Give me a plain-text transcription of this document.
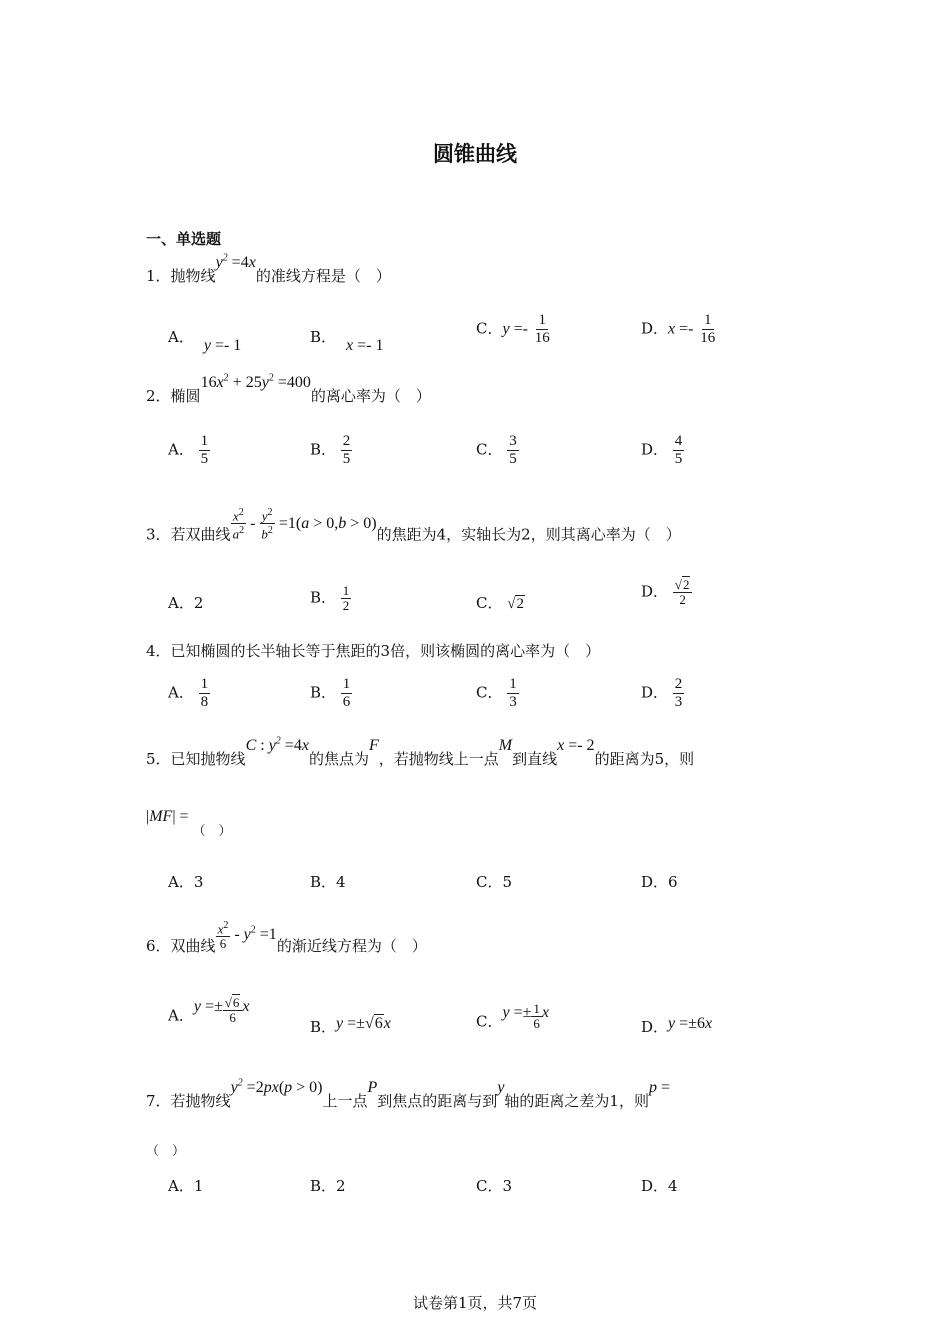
圆锥曲线
一、单选题
1．抛物线$y^2 =4x$的准线方程是（　）
A． y =- 1	B． x =- 1
C．$y =- \frac{1}{16}$	D．$x =- \frac{1}{16}$
2．椭圆$16x^2 + 25y^2 =400$的离心率为（　）
A． $\frac{1}{5}$	B． $\frac{2}{5}$	C． $\frac{3}{5}$	D． $\frac{4}{5}$
3．若双曲线 $\frac{x^2}{a^2} - \frac{y^2}{b^2} =1(a > 0,b > 0)$的焦距为4，实轴长为2，则其离心率为（　）
A．2	B． $\frac{1}{2}$	C． √2
D． $\frac{√2}{2}$
4．已知椭圆的长半轴长等于焦距的3倍，则该椭圆的离心率为（　）
A． $\frac{1}{8}$	B． $\frac{1}{6}$	C． $\frac{1}{3}$	D． $\frac{2}{3}$
5．已知抛物线C : $y^2 =4x$的焦点为F，若抛物线上一点M到直线x =- 2的距离为5，则
|MF| =（　）
A．3	B．4	C．5	D．6
6．双曲线 $\frac{x^2}{6} - y^2 =1$的渐近线方程为（　）
A．$y =\pm \frac{√6}{6}$ x
B．y =±√6x	C．$y =\pm \frac{1}{6}$ x
D．y =±6x
7．若抛物线$y^2 =2px(p > 0)$上一点P到焦点的距离与到y轴的距离之差为1，则p =
（　）
A．1	B．2	C．3	D．4
试卷第1页，共7页
